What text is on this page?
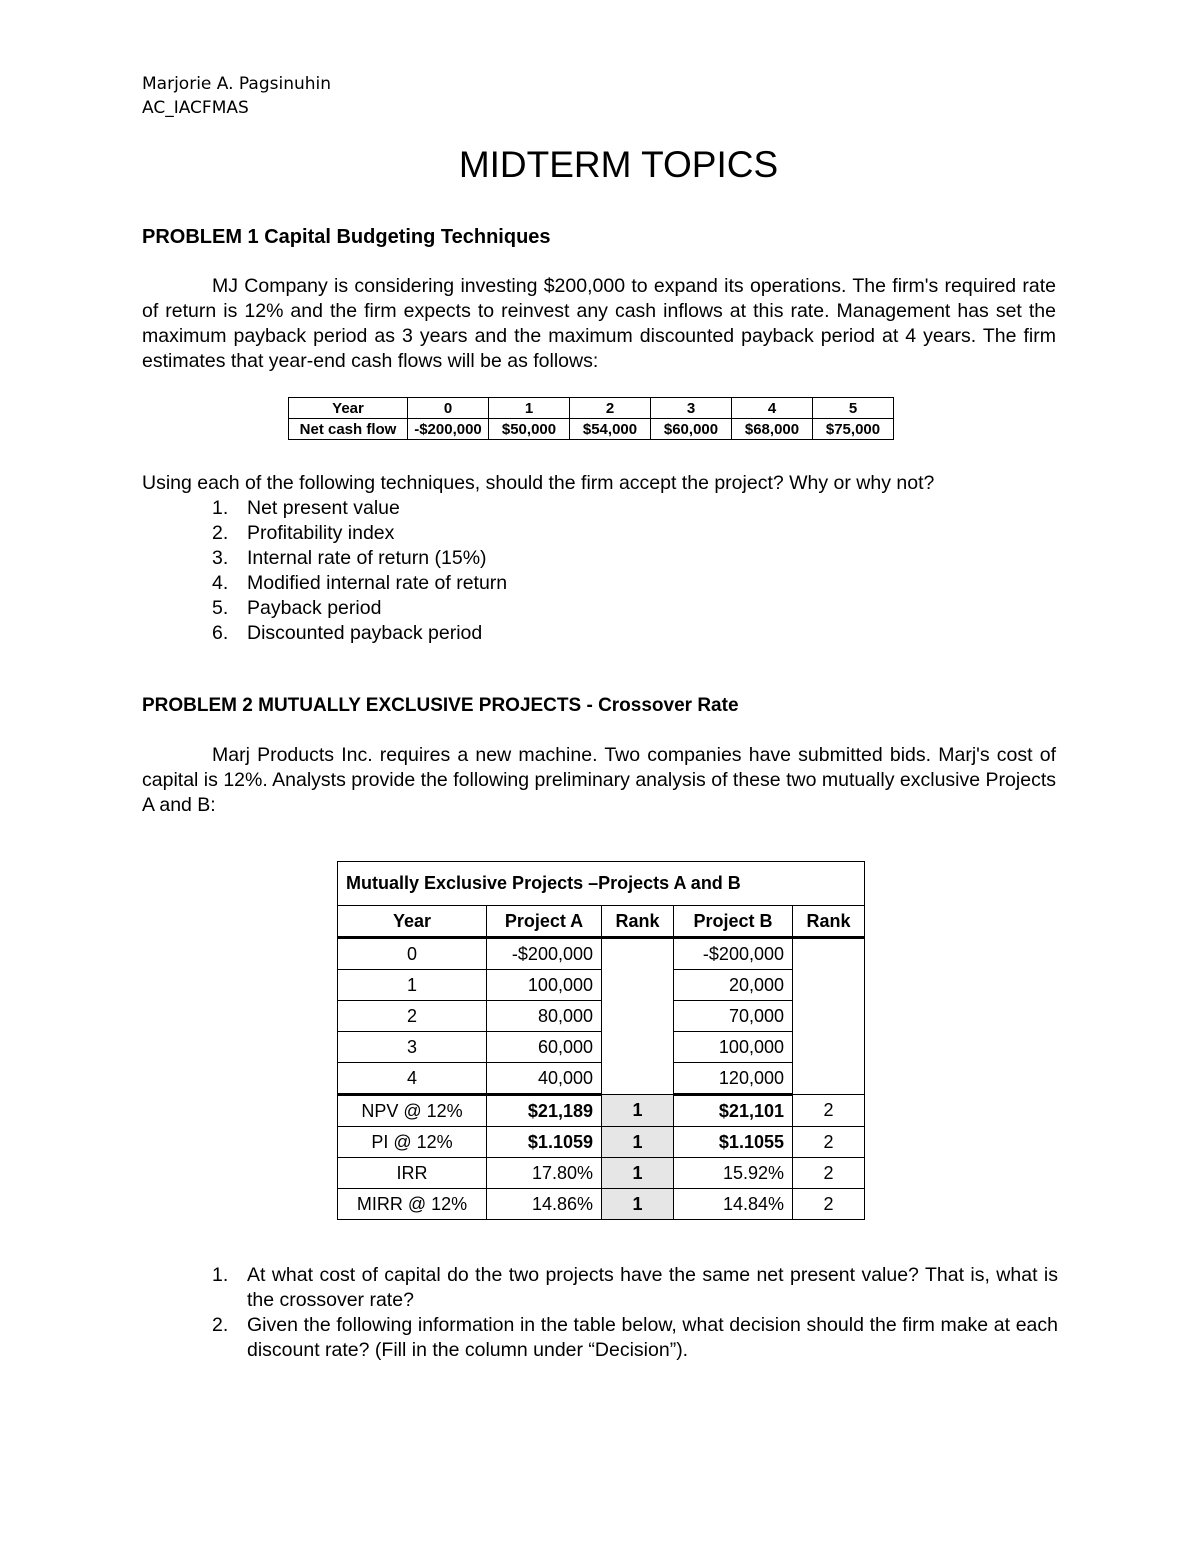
Marjorie A. Pagsinuhin
AC_IACFMAS
MIDTERM TOPICS
PROBLEM 1 Capital Budgeting Techniques

MJ Company is considering investing $200,000 to expand its operations. The firm's required rate of return is 12% and the firm expects to reinvest any cash inflows at this rate. Management has set the maximum payback period as 3 years and the maximum discounted payback period at 4 years. The firm estimates that year-end cash flows will be as follows:

Year	0	1	2	3	4	5
Net cash flow	-$200,000	$50,000	$54,000	$60,000	$68,000	$75,000
Using each of the following techniques, should the firm accept the project? Why or why not?
1. Net present value
2. Profitability index
3. Internal rate of return (15%)
4. Modified internal rate of return
5. Payback period
6. Discounted payback period
PROBLEM 2 MUTUALLY EXCLUSIVE PROJECTS - Crossover Rate

Marj Products Inc. requires a new machine. Two companies have submitted bids. Marj's cost of capital is 12%. Analysts provide the following preliminary analysis of these two mutually exclusive Projects A and B:

Mutually Exclusive Projects –Projects A and B				
Year	Project A	Rank	Project B	Rank
0	-$200,000		-$200,000	
1	100,000		20,000	
2	80,000		70,000	
3	60,000		100,000	
4	40,000		120,000	
NPV @ 12%	$21,189	1	$21,101	2
PI @ 12%	$1.1059	1	$1.1055	2
IRR	17.80%	1	15.92%	2
MIRR @ 12%	14.86%	1	14.84%	2
1. At what cost of capital do the two projects have the same net present value? That is, what is the crossover rate?
2. Given the following information in the table below, what decision should the firm make at each discount rate? (Fill in the column under “Decision”).
